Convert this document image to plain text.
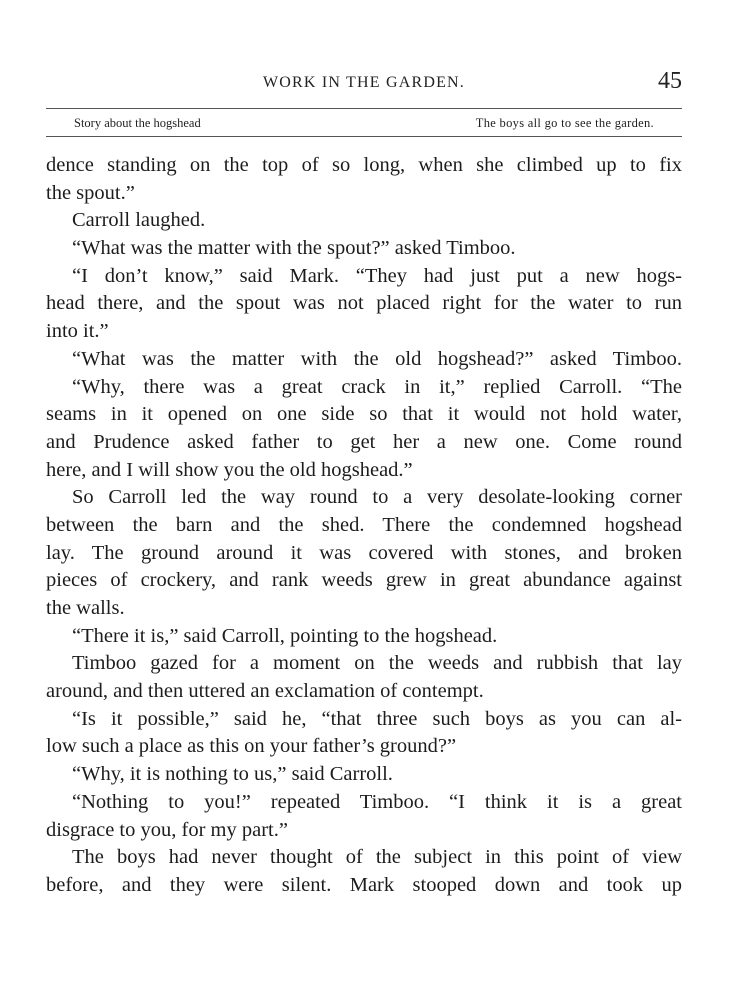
WORK IN THE GARDEN.	45
Story about the hogshead	The boys all go to see the garden.
dence standing on the top of so long, when she climbed up to fix
the spout.”
Carroll laughed.
“What was the matter with the spout?” asked Timboo.
“I don’t know,” said Mark. “They had just put a new hogs-
head there, and the spout was not placed right for the water to run
into it.”
“What was the matter with the old hogshead?” asked Timboo.
“Why, there was a great crack in it,” replied Carroll. “The
seams in it opened on one side so that it would not hold water,
and Prudence asked father to get her a new one. Come round
here, and I will show you the old hogshead.”
So Carroll led the way round to a very desolate-looking corner
between the barn and the shed. There the condemned hogshead
lay. The ground around it was covered with stones, and broken
pieces of crockery, and rank weeds grew in great abundance against
the walls.
“There it is,” said Carroll, pointing to the hogshead.
Timboo gazed for a moment on the weeds and rubbish that lay
around, and then uttered an exclamation of contempt.
“Is it possible,” said he, “that three such boys as you can al-
low such a place as this on your father’s ground?”
“Why, it is nothing to us,” said Carroll.
“Nothing to you!” repeated Timboo. “I think it is a great
disgrace to you, for my part.”
The boys had never thought of the subject in this point of view
before, and they were silent. Mark stooped down and took up
